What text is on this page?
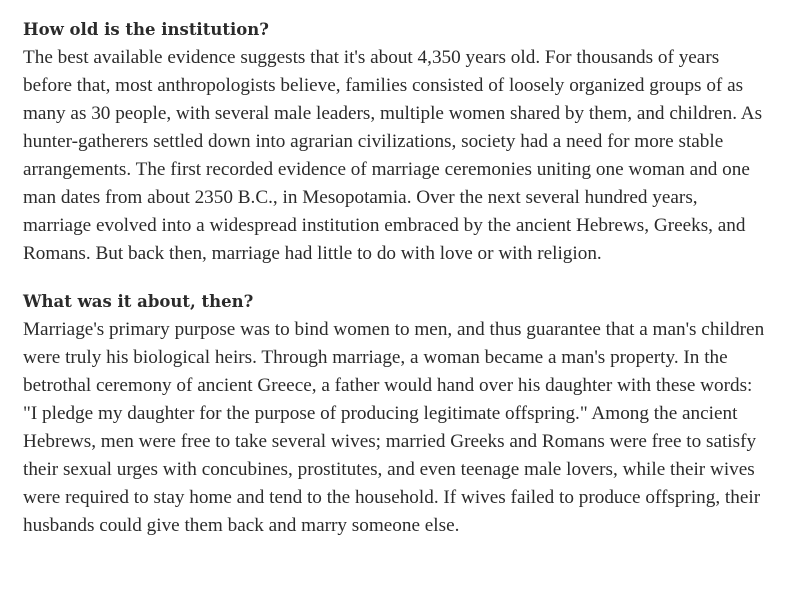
How old is the institution?

The best available evidence suggests that it's about 4,350 years old. For thousands of years before that, most anthropologists believe, families consisted of loosely organized groups of as many as 30 people, with several male leaders, multiple women shared by them, and children. As hunter-gatherers settled down into agrarian civilizations, society had a need for more stable arrangements. The first recorded evidence of marriage ceremonies uniting one woman and one man dates from about 2350 B.C., in Mesopotamia. Over the next several hundred years, marriage evolved into a widespread institution embraced by the ancient Hebrews, Greeks, and Romans. But back then, marriage had little to do with love or with religion.

What was it about, then?

Marriage's primary purpose was to bind women to men, and thus guarantee that a man's children were truly his biological heirs. Through marriage, a woman became a man's property. In the betrothal ceremony of ancient Greece, a father would hand over his daughter with these words: "I pledge my daughter for the purpose of producing legitimate offspring." Among the ancient Hebrews, men were free to take several wives; married Greeks and Romans were free to satisfy their sexual urges with concubines, prostitutes, and even teenage male lovers, while their wives were required to stay home and tend to the household. If wives failed to produce offspring, their husbands could give them back and marry someone else.
